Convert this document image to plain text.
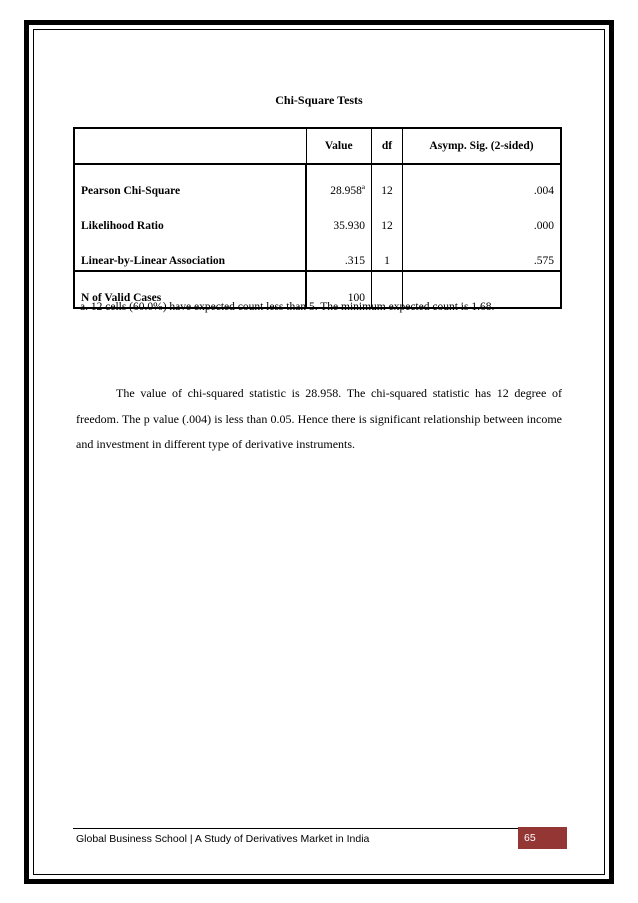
Chi-Square Tests
	Value	df	Asymp. Sig. (2-sided)
Pearson Chi-Square	28.958$^a$	12	.004
Likelihood Ratio	35.930	12	.000
Linear-by-Linear Association	.315	1	.575
N of Valid Cases	100		
a. 12 cells (60.0%) have expected count less than 5. The minimum expected count is 1.68.
The value of chi-squared statistic is 28.958. The chi-squared statistic has 12 degree of freedom. The p value (.004) is less than 0.05. Hence there is significant relationship between income and investment in different type of derivative instruments.
Global Business School | A Study of Derivatives Market in India	65
